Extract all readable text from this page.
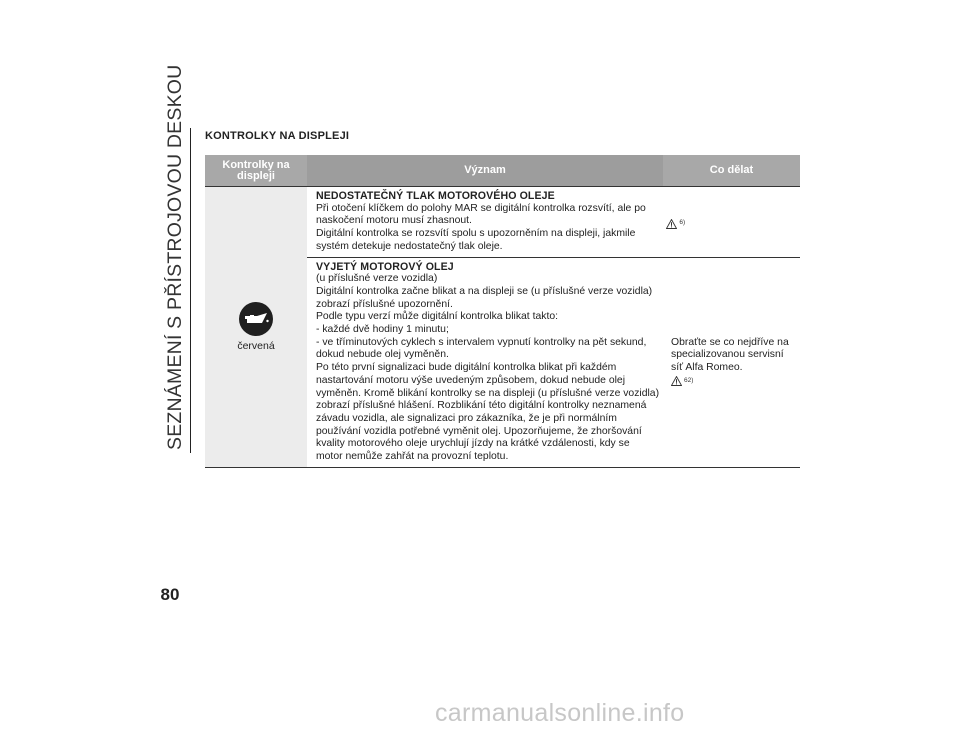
SEZNÁMENÍ S PŘÍSTROJOVOU DESKOU
80
KONTROLKY NA DISPLEJI
Kontrolky na displeji	Význam	Co dělat
červená
NEDOSTATEČNÝ TLAK MOTOROVÉHO OLEJE
Při otočení klíčkem do polohy MAR se digitální kontrolka rozsvítí, ale po
naskočení motoru musí zhasnout.
Digitální kontrolka se rozsvítí spolu s upozorněním na displeji, jakmile
systém detekuje nedostatečný tlak oleje.
6)
VYJETÝ MOTOROVÝ OLEJ
(u příslušné verze vozidla)
Digitální kontrolka začne blikat a na displeji se (u příslušné verze vozidla)
zobrazí příslušné upozornění.
Podle typu verzí může digitální kontrolka blikat takto:
- každé dvě hodiny 1 minutu;
- ve tříminutových cyklech s intervalem vypnutí kontrolky na pět sekund,
dokud nebude olej vyměněn.
Po této první signalizaci bude digitální kontrolka blikat při každém
nastartování motoru výše uvedeným způsobem, dokud nebude olej
vyměněn. Kromě blikání kontrolky se na displeji (u příslušné verze vozidla)
zobrazí příslušné hlášení. Rozblikání této digitální kontrolky neznamená
závadu vozidla, ale signalizaci pro zákazníka, že je při normálním
používání vozidla potřebné vyměnit olej. Upozorňujeme, že zhoršování
kvality motorového oleje urychlují jízdy na krátké vzdálenosti, kdy se
motor nemůže zahřát na provozní teplotu.
Obraťte se co nejdříve na
specializovanou servisní
síť Alfa Romeo.
62)
carmanualsonline.info
